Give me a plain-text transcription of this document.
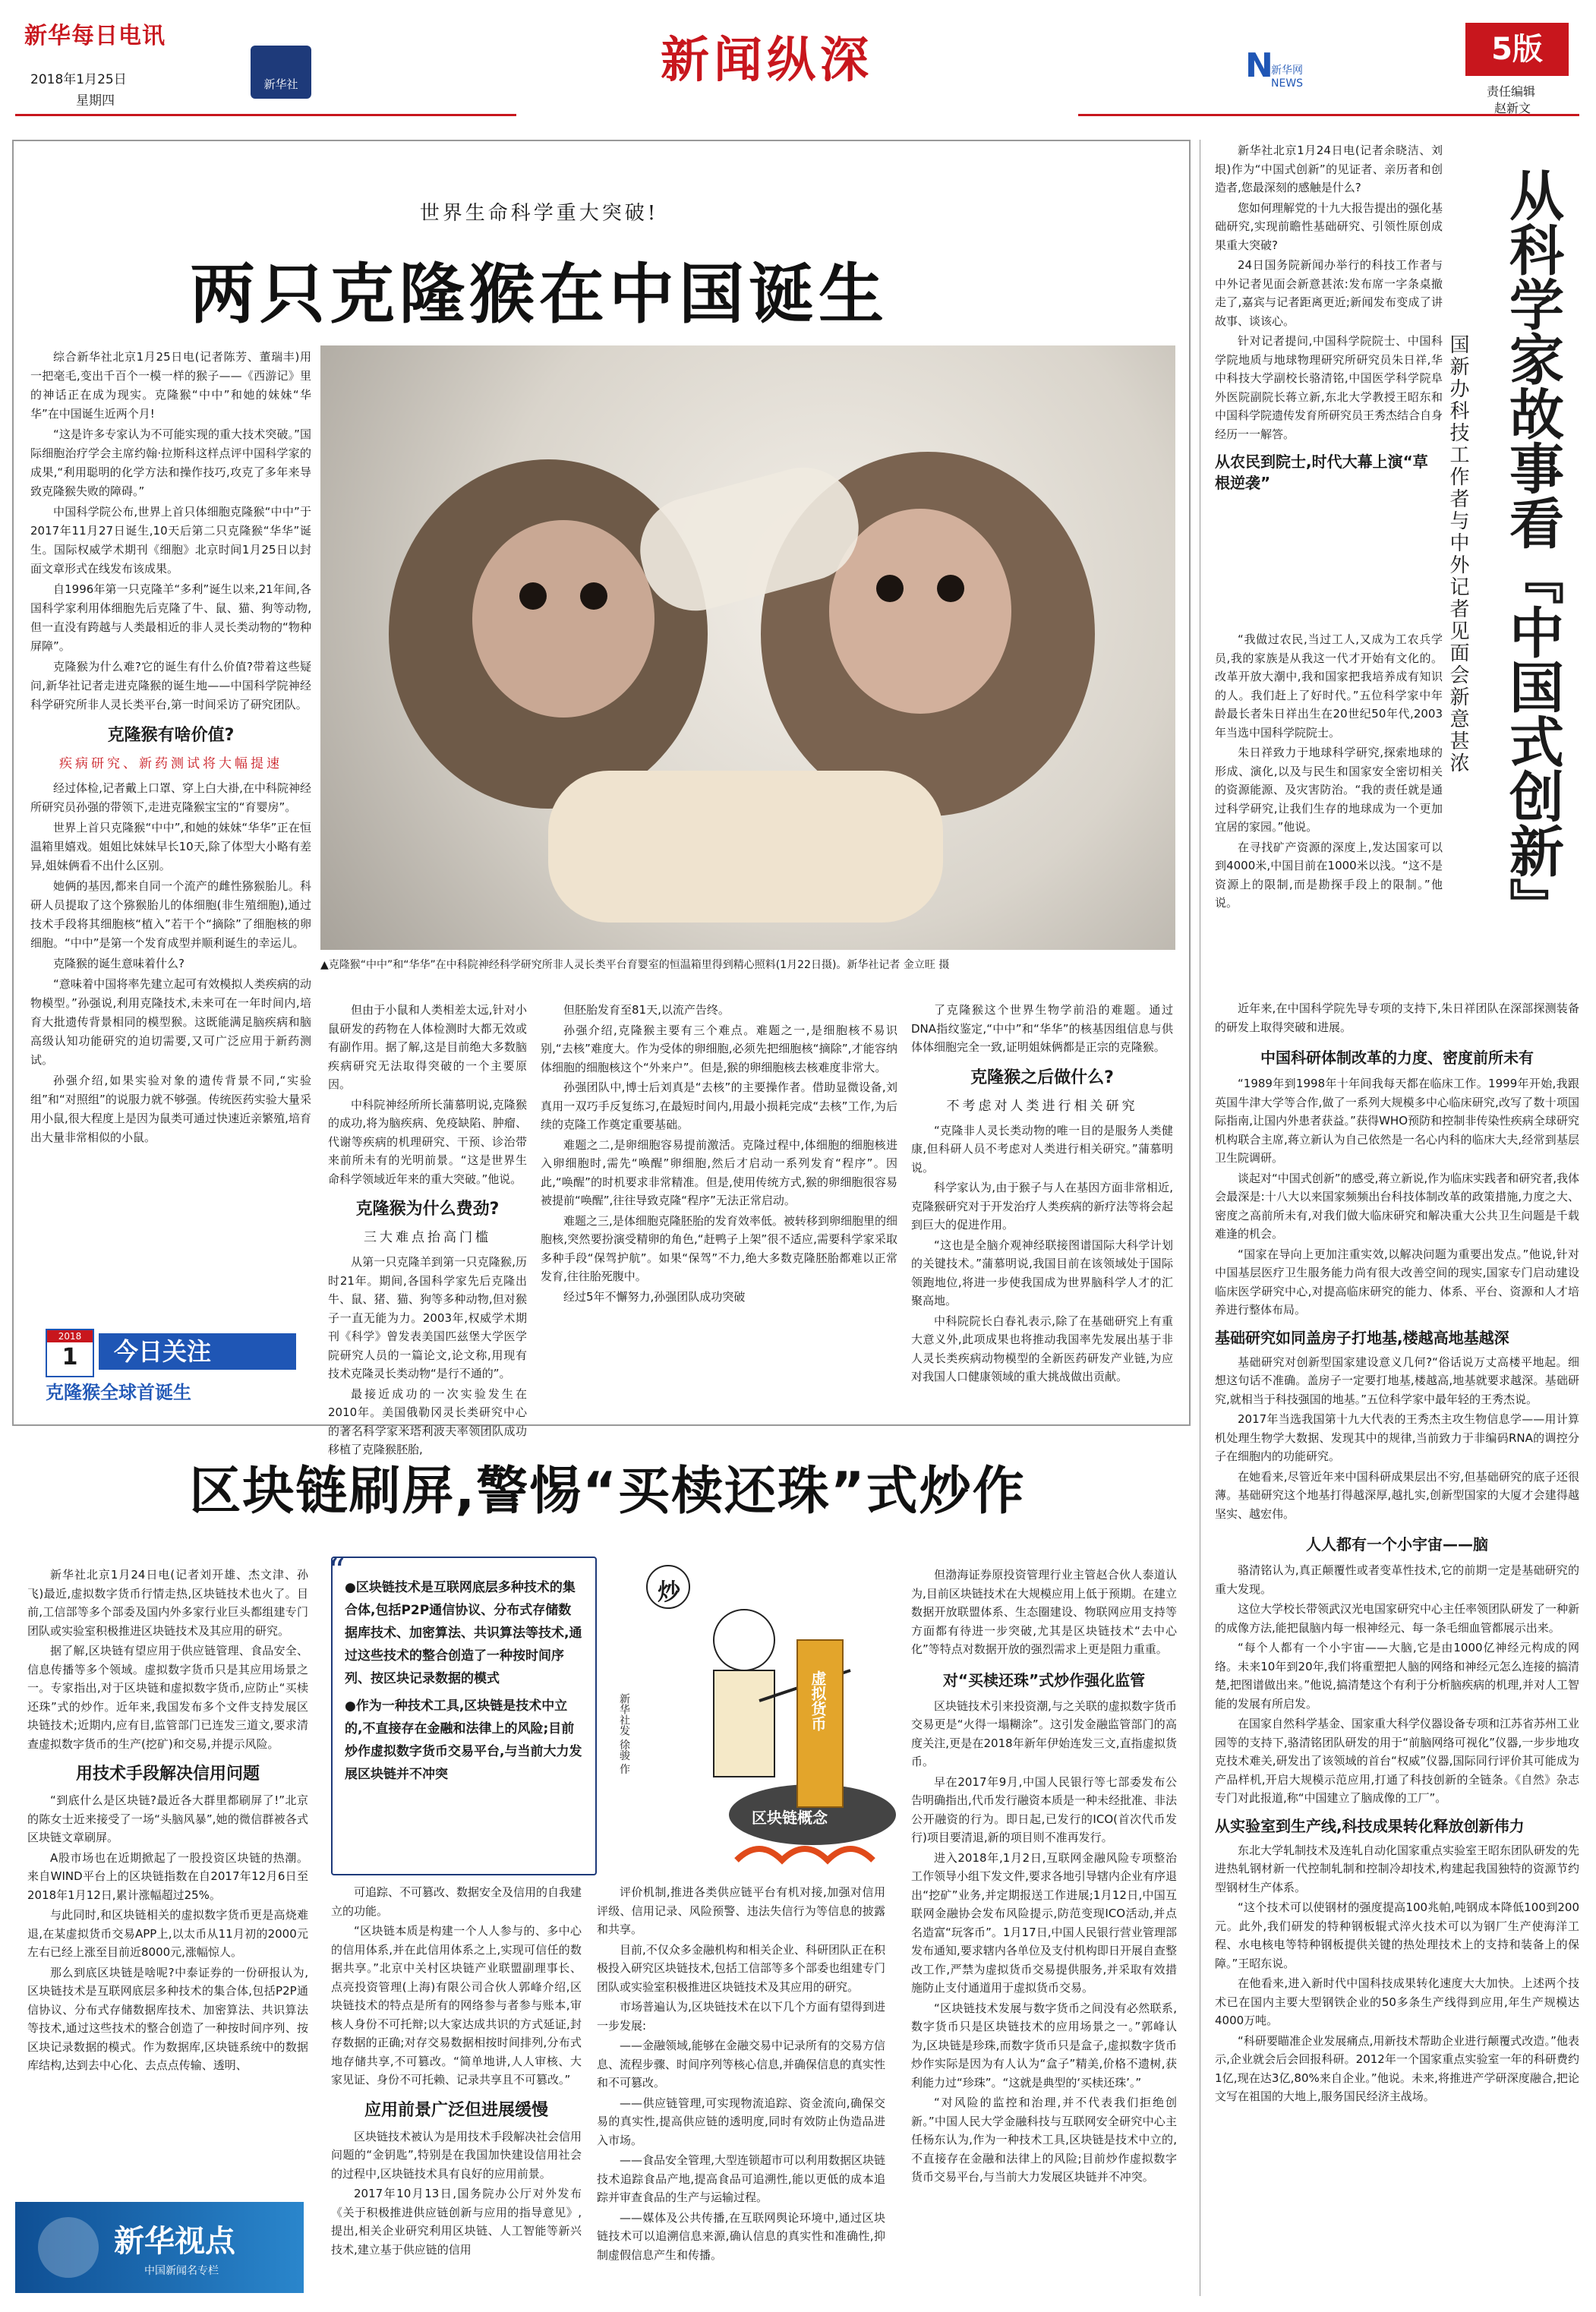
新华每日电讯
2018年1月25日
星期四
新华社	新闻纵深	N
新华网 NEWS
5版
责任编辑
赵新文
世界生命科学重大突破!
两只克隆猴在中国诞生
▲克隆猴“中中”和“华华”在中科院神经科学研究所非人灵长类平台育婴室的恒温箱里得到精心照料(1月22日摄)。新华社记者 金立旺 摄

综合新华社北京1月25日电(记者陈芳、董瑞丰)用一把毫毛,变出千百个一模一样的猴子——《西游记》里的神话正在成为现实。克隆猴“中中”和她的妹妹“华华”在中国诞生近两个月!

“这是许多专家认为不可能实现的重大技术突破。”国际细胞治疗学会主席约翰·拉斯科这样点评中国科学家的成果,“利用聪明的化学方法和操作技巧,攻克了多年来导致克隆猴失败的障碍。”

中国科学院公布,世界上首只体细胞克隆猴“中中”于2017年11月27日诞生,10天后第二只克隆猴“华华”诞生。国际权威学术期刊《细胞》北京时间1月25日以封面文章形式在线发布该成果。

自1996年第一只克隆羊“多利”诞生以来,21年间,各国科学家利用体细胞先后克隆了牛、鼠、猫、狗等动物,但一直没有跨越与人类最相近的非人灵长类动物的“物种屏障”。

克隆猴为什么难?它的诞生有什么价值?带着这些疑问,新华社记者走进克隆猴的诞生地——中国科学院神经科学研究所非人灵长类平台,第一时间采访了研究团队。

克隆猴有啥价值?
疾病研究、新药测试将大幅提速

经过体检,记者戴上口罩、穿上白大褂,在中科院神经所研究员孙强的带领下,走进克隆猴宝宝的“育婴房”。

世界上首只克隆猴“中中”,和她的妹妹“华华”正在恒温箱里嬉戏。姐姐比妹妹早长10天,除了体型大小略有差异,姐妹俩看不出什么区别。

她俩的基因,都来自同一个流产的雌性猕猴胎儿。科研人员提取了这个猕猴胎儿的体细胞(非生殖细胞),通过技术手段将其细胞核“植入”若干个“摘除”了细胞核的卵细胞。“中中”是第一个发育成型并顺利诞生的幸运儿。

克隆猴的诞生意味着什么?

“意味着中国将率先建立起可有效模拟人类疾病的动物模型。”孙强说,利用克隆技术,未来可在一年时间内,培育大批遗传背景相同的模型猴。这既能满足脑疾病和脑高级认知功能研究的迫切需要,又可广泛应用于新药测试。

孙强介绍,如果实验对象的遗传背景不同,“实验组”和“对照组”的说服力就不够强。传统医药实验大量采用小鼠,很大程度上是因为鼠类可通过快速近亲繁殖,培育出大量非常相似的小鼠。

2018
1	今日关注
克隆猴全球首诞生

但由于小鼠和人类相差太远,针对小鼠研发的药物在人体检测时大都无效或有副作用。据了解,这是目前绝大多数脑疾病研究无法取得突破的一个主要原因。

中科院神经所所长蒲慕明说,克隆猴的成功,将为脑疾病、免疫缺陷、肿瘤、代谢等疾病的机理研究、干预、诊治带来前所未有的光明前景。“这是世界生命科学领域近年来的重大突破。”他说。

克隆猴为什么费劲?
三大难点抬高门槛

从第一只克隆羊到第一只克隆猴,历时21年。期间,各国科学家先后克隆出牛、鼠、猪、猫、狗等多种动物,但对猴子一直无能为力。2003年,权威学术期刊《科学》曾发表美国匹兹堡大学医学院研究人员的一篇论文,论文称,用现有技术克隆灵长类动物“是行不通的”。

最接近成功的一次实验发生在2010年。美国俄勒冈灵长类研究中心的著名科学家米塔利波夫率领团队成功移植了克隆猴胚胎,

但胚胎发育至81天,以流产告终。

孙强介绍,克隆猴主要有三个难点。难题之一,是细胞核不易识别,“去核”难度大。作为受体的卵细胞,必须先把细胞核“摘除”,才能容纳体细胞的细胞核这个“外来户”。但是,猴的卵细胞核去核难度非常大。

孙强团队中,博士后刘真是“去核”的主要操作者。借助显微设备,刘真用一双巧手反复练习,在最短时间内,用最小损耗完成“去核”工作,为后续的克隆工作奠定重要基础。

难题之二,是卵细胞容易提前激活。克隆过程中,体细胞的细胞核进入卵细胞时,需先“唤醒”卵细胞,然后才启动一系列发育“程序”。因此,“唤醒”的时机要求非常精准。但是,使用传统方式,猴的卵细胞很容易被提前“唤醒”,往往导致克隆“程序”无法正常启动。

难题之三,是体细胞克隆胚胎的发育效率低。被转移到卵细胞里的细胞核,突然要扮演受精卵的角色,“赶鸭子上架”很不适应,需要科学家采取多种手段“保驾护航”。如果“保驾”不力,绝大多数克隆胚胎都难以正常发育,往往胎死腹中。

经过5年不懈努力,孙强团队成功突破

了克隆猴这个世界生物学前沿的难题。通过DNA指纹鉴定,“中中”和“华华”的核基因组信息与供体体细胞完全一致,证明姐妹俩都是正宗的克隆猴。

克隆猴之后做什么?
不考虑对人类进行相关研究

“克隆非人灵长类动物的唯一目的是服务人类健康,但科研人员不考虑对人类进行相关研究。”蒲慕明说。

科学家认为,由于猴子与人在基因方面非常相近,克隆猴研究对于开发治疗人类疾病的新疗法等将会起到巨大的促进作用。

“这也是全脑介观神经联接图谱国际大科学计划的关键技术。”蒲慕明说,我国目前在该领域处于国际领跑地位,将进一步使我国成为世界脑科学人才的汇聚高地。

中科院院长白春礼表示,除了在基础研究上有重大意义外,此项成果也将推动我国率先发展出基于非人灵长类疾病动物模型的全新医药研发产业链,为应对我国人口健康领域的重大挑战做出贡献。

新华社北京1月24日电(记者余晓洁、刘垠)作为“中国式创新”的见证者、亲历者和创造者,您最深刻的感触是什么?

您如何理解党的十九大报告提出的强化基础研究,实现前瞻性基础研究、引领性原创成果重大突破?

24日国务院新闻办举行的科技工作者与中外记者见面会新意甚浓:发布席一字条桌撤走了,嘉宾与记者距离更近;新闻发布变成了讲故事、谈该心。

针对记者提问,中国科学院院士、中国科学院地质与地球物理研究所研究员朱日祥,华中科技大学副校长骆清铭,中国医学科学院阜外医院副院长蒋立新,东北大学教授王昭东和中国科学院遗传发育所研究员王秀杰结合自身经历一一解答。

从农民到院士,时代大幕上演“草根逆袭”	从科学家故事看『中国式创新』
国新办科技工作者与中外记者见面会新意甚浓

“我做过农民,当过工人,又成为工农兵学员,我的家族是从我这一代才开始有文化的。改革开放大潮中,我和国家把我培养成有知识的人。我们赶上了好时代。”五位科学家中年龄最长者朱日祥出生在20世纪50年代,2003年当选中国科学院院士。

朱日祥致力于地球科学研究,探索地球的形成、演化,以及与民生和国家安全密切相关的资源能源、及灾害防治。“我的责任就是通过科学研究,让我们生存的地球成为一个更加宜居的家园。”他说。

在寻找矿产资源的深度上,发达国家可以到4000米,中国目前在1000米以浅。“这不是资源上的限制,而是勘探手段上的限制。”他说。

近年来,在中国科学院先导专项的支持下,朱日祥团队在深部探测装备的研发上取得突破和进展。

中国科研体制改革的力度、密度前所未有

“1989年到1998年十年间我每天都在临床工作。1999年开始,我跟英国牛津大学等合作,做了一系列大规模多中心临床研究,改写了数十项国际指南,让国内外患者获益。”获得WHO预防和控制非传染性疾病全球研究机构联合主席,蒋立新认为自己依然是一名心内科的临床大夫,经常到基层卫生院调研。

谈起对“中国式创新”的感受,蒋立新说,作为临床实践者和研究者,我体会最深是:十八大以来国家频频出台科技体制改革的政策措施,力度之大、密度之高前所未有,对我们做大临床研究和解决重大公共卫生问题是千载难逢的机会。

“国家在导向上更加注重实效,以解决问题为重要出发点。”他说,针对中国基层医疗卫生服务能力尚有很大改善空间的现实,国家专门启动建设临床医学研究中心,对提高临床研究的能力、体系、平台、资源和人才培养进行整体布局。

基础研究如同盖房子打地基,楼越高地基越深

基础研究对创新型国家建设意义几何?“俗话说万丈高楼平地起。细想这句话不准确。盖房子一定要打地基,楼越高,地基就要求越深。基础研究,就相当于科技强国的地基。”五位科学家中最年轻的王秀杰说。

2017年当选我国第十九大代表的王秀杰主攻生物信息学——用计算机处理生物学大数据、发现其中的规律,当前致力于非编码RNA的调控分子在细胞内的功能研究。

在她看来,尽管近年来中国科研成果层出不穷,但基础研究的底子还很薄。基础研究这个地基打得越深厚,越扎实,创新型国家的大厦才会建得越坚实、越宏伟。

人人都有一个小宇宙——脑

骆清铭认为,真正颠覆性或者变革性技术,它的前期一定是基础研究的重大发现。

这位大学校长带领武汉光电国家研究中心主任率领团队研发了一种新的成像方法,能把鼠脑内每一根神经元、每一条毛细血管都展示出来。

“每个人都有一个小宇宙——大脑,它是由1000亿神经元构成的网络。未来10年到20年,我们将重塑把人脑的网络和神经元怎么连接的搞清楚,把图谱做出来。”他说,搞清楚这个有利于分析脑疾病的机理,并对人工智能的发展有所启发。

在国家自然科学基金、国家重大科学仪器设备专项和江苏省苏州工业园等的支持下,骆清铭团队研发的用于“前脑网络可视化”仪器,一步步地攻克技术难关,研发出了该领域的首台“权威”仪器,国际同行评价其可能成为产品样机,开启大规模示范应用,打通了科技创新的全链条。《自然》杂志专门对此报道,称“中国建立了脑成像的工厂”。

从实验室到生产线,科技成果转化释放创新伟力

东北大学轧制技术及连轧自动化国家重点实验室王昭东团队研发的先进热轧钢材新一代控制轧制和控制冷却技术,构建起我国独特的资源节约型钢材生产体系。

“这个技术可以使钢材的强度提高100兆帕,吨钢成本降低100到200元。此外,我们研发的特种钢板辊式淬火技术可以为钢厂生产使海洋工程、水电核电等特种钢板提供关键的热处理技术上的支持和装备上的保障。”王昭东说。

在他看来,进入新时代中国科技成果转化速度大大加快。上述两个技术已在国内主要大型钢铁企业的50多条生产线得到应用,年生产规模达4000万吨。

“科研要瞄准企业发展痛点,用新技术帮助企业进行颠覆式改造。”他表示,企业就会后会回报科研。2012年一个国家重点实验室一年的科研费约1亿,现在达3亿,80%来自企业。”他说。未来,将推进产学研深度融合,把论文写在祖国的大地上,服务国民经济主战场。

区块链刷屏,警惕“买椟还珠”式炒作

新华社北京1月24日电(记者刘开雄、杰文津、孙飞)最近,虚拟数字货币行情走热,区块链技术也火了。目前,工信部等多个部委及国内外多家行业巨头都组建专门团队或实验室积极推进区块链技术及其应用的研究。

据了解,区块链有望应用于供应链管理、食品安全、信息传播等多个领域。虚拟数字货币只是其应用场景之一。专家指出,对于区块链和虚拟数字货币,应防止“买椟还珠”式的炒作。近年来,我国发布多个文件支持发展区块链技术;近期内,应有目,监管部门已连发三道文,要求清查虚拟数字货币的生产(挖矿)和交易,并提示风险。

用技术手段解决信用问题

“到底什么是区块链?最近各大群里都刷屏了!”北京的陈女士近来接受了一场“头脑风暴”,她的微信群被各式区块链文章刷屏。

A股市场也在近期掀起了一股投资区块链的热潮。来自WIND平台上的区块链指数在自2017年12月6日至2018年1月12日,累计涨幅超过25%。

与此同时,和区块链相关的虚拟数字货币更是高烧难退,在某虚拟货币交易APP上,以太币从11月初的2000元左右已经上涨至目前近8000元,涨幅惊人。

那么到底区块链是啥呢?中泰证券的一份研报认为,区块链技术是互联网底层多种技术的集合体,包括P2P通信协议、分布式存储数据库技术、加密算法、共识算法等技术,通过这些技术的整合创造了一种按时间序列、按区块记录数据的模式。作为数据库,区块链系统中的数据库结构,达到去中心化、去点点传输、透明、

“ ●区块链技术是互联网底层多种技术的集合体,包括P2P通信协议、分布式存储数据库技术、加密算法、共识算法等技术,通过这些技术的整合创造了一种按时间序列、按区块记录数据的模式

●作为一种技术工具,区块链是技术中立的,不直接存在金融和法律上的风险;目前炒作虚拟数字货币交易平台,与当前大力发展区块链并不冲突

炒
虚拟货币
区块链概念
新华社发 徐骏 作

可追踪、不可篡改、数据安全及信用的自我建立的功能。

“区块链本质是构建一个人人参与的、多中心的信用体系,并在此信用体系之上,实现可信任的数据共享。”北京中关村区块链产业联盟副理事长、点亮投资管理(上海)有限公司合伙人郭峰介绍,区块链技术的特点是所有的网络参与者参与账本,审核人身份不可托辩;以大家达成共识的方式延证,封存数据的正确;对存交易数据相按时间排列,分布式地存储共享,不可篡改。“简单地讲,人人审核、大家见证、身份不可托赖、记录共享且不可篡改。”

应用前景广泛但进展缓慢

区块链技术被认为是用技术手段解决社会信用问题的“金钥匙”,特别是在我国加快建设信用社会的过程中,区块链技术具有良好的应用前景。

2017年10月13日,国务院办公厅对外发布《关于积极推进供应链创新与应用的指导意见》,提出,相关企业研究利用区块链、人工智能等新兴技术,建立基于供应链的信用

评价机制,推进各类供应链平台有机对接,加强对信用评级、信用记录、风险预警、违法失信行为等信息的披露和共享。

目前,不仅众多金融机构和相关企业、科研团队正在积极投入研究区块链技术,包括工信部等多个部委也组建专门团队或实验室积极推进区块链技术及其应用的研究。

市场普遍认为,区块链技术在以下几个方面有望得到进一步发展:

——金融领域,能够在金融交易中记录所有的交易方信息、流程步骤、时间序列等核心信息,并确保信息的真实性和不可篡改。

——供应链管理,可实现物流追踪、资金流向,确保交易的真实性,提高供应链的透明度,同时有效防止伪造品进入市场。

——食品安全管理,大型连锁超市可以利用数据区块链技术追踪食品产地,提高食品可追溯性,能以更低的成本追踪并审查食品的生产与运输过程。

——媒体及公共传播,在互联网舆论环境中,通过区块链技术可以追溯信息来源,确认信息的真实性和准确性,抑制虚假信息产生和传播。

但渤海证券原投资管理行业主管赵合伙人泰道认为,目前区块链技术在大规模应用上低于预期。在建立数据开放联盟体系、生态圈建设、物联网应用支持等方面都有待进一步突破,尤其是区块链技术“去中心化”等特点对数据开放的强烈需求上更是阻力重重。

对“买椟还珠”式炒作强化监管

区块链技术引来投资潮,与之关联的虚拟数字货币交易更是“火得一塌糊涂”。这引发金融监管部门的高度关注,更是在2018年新年伊始连发三文,直指虚拟货币。

早在2017年9月,中国人民银行等七部委发布公告明确指出,代币发行融资本质是一种未经批准、非法公开融资的行为。即日起,已发行的ICO(首次代币发行)项目要清退,新的项目则不准再发行。

进入2018年,1月2日,互联网金融风险专项整治工作领导小组下发文件,要求各地引导辖内企业有序退出“挖矿”业务,并定期报送工作进展;1月12日,中国互联网金融协会发布风险提示,防范变现ICO活动,并点名造富“玩客币”。1月17日,中国人民银行营业管理部发布通知,要求辖内各单位及支付机构即日开展自查整改工作,严禁为虚拟货币交易提供服务,并采取有效措施防止支付通道用于虚拟货币交易。

“区块链技术发展与数字货币之间没有必然联系,数字货币只是区块链技术的应用场景之一。”郭峰认为,区块链是珍珠,而数字货币只是盒子,虚拟数字货币炒作实际是因为有人认为“盒子”精美,价格不遗树,获利能力过“珍珠”。“这就是典型的‘买椟还珠’。”

“对风险的监控和治理,并不代表我们拒绝创新。”中国人民大学金融科技与互联网安全研究中心主任杨东认为,作为一种技术工具,区块链是技术中立的,不直接存在金融和法律上的风险;目前炒作虚拟数字货币交易平台,与当前大力发展区块链并不冲突。

新华视点
中国新闻名专栏
